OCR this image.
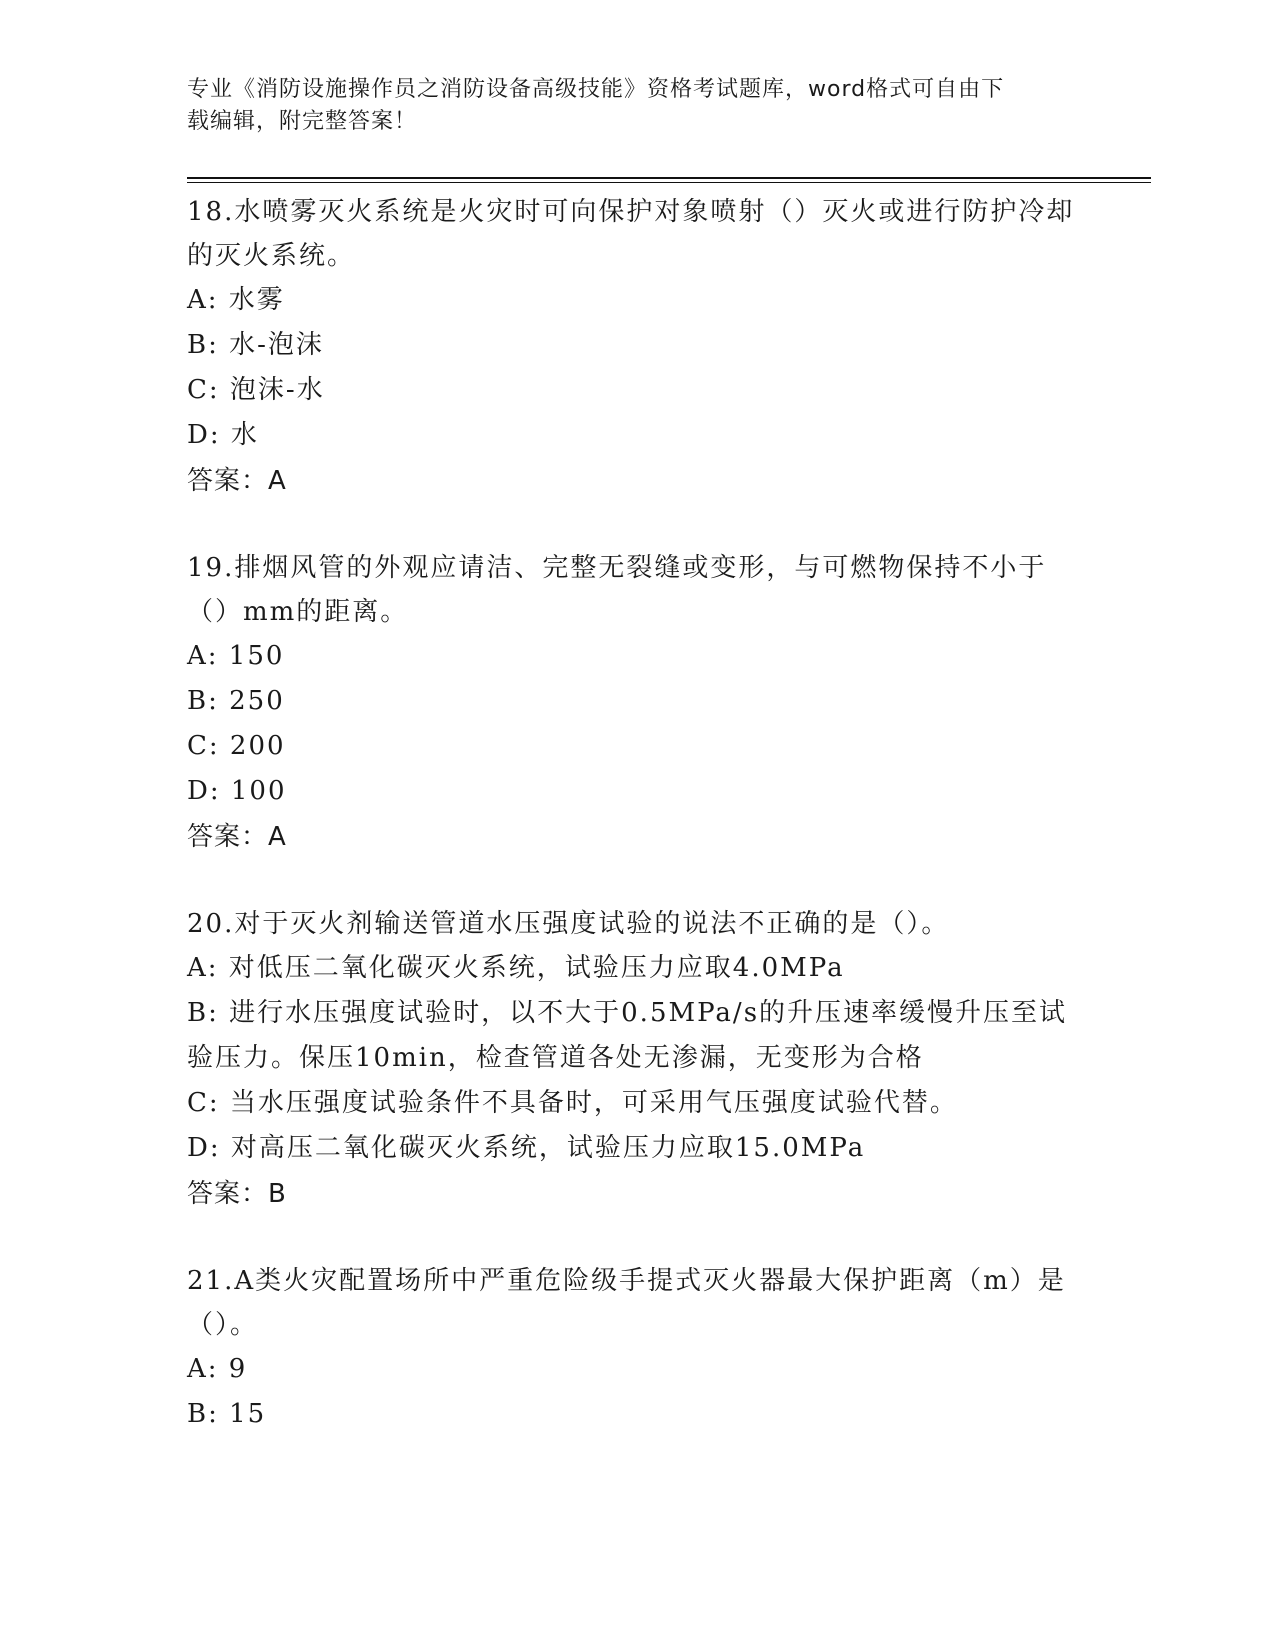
专业《消防设施操作员之消防设备高级技能》资格考试题库，word格式可自由下
载编辑，附完整答案！

18.水喷雾灭火系统是火灾时可向保护对象喷射（）灭火或进行防护冷却的灭火系统。

A: 水雾

B: 水-泡沫

C: 泡沫-水

D: 水

答案：A

19.排烟风管的外观应请洁、完整无裂缝或变形，与可燃物保持不小于（）mm的距离。

A: 150

B: 250

C: 200

D: 100

答案：A

20.对于灭火剂输送管道水压强度试验的说法不正确的是（）。

A: 对低压二氧化碳灭火系统，试验压力应取4.0MPa

B: 进行水压强度试验时，以不大于0.5MPa/s的升压速率缓慢升压至试验压力。保压10min，检查管道各处无渗漏，无变形为合格

C: 当水压强度试验条件不具备时，可采用气压强度试验代替。

D: 对高压二氧化碳灭火系统，试验压力应取15.0MPa

答案：B

21.A类火灾配置场所中严重危险级手提式灭火器最大保护距离（m）是（）。

A: 9

B: 15
